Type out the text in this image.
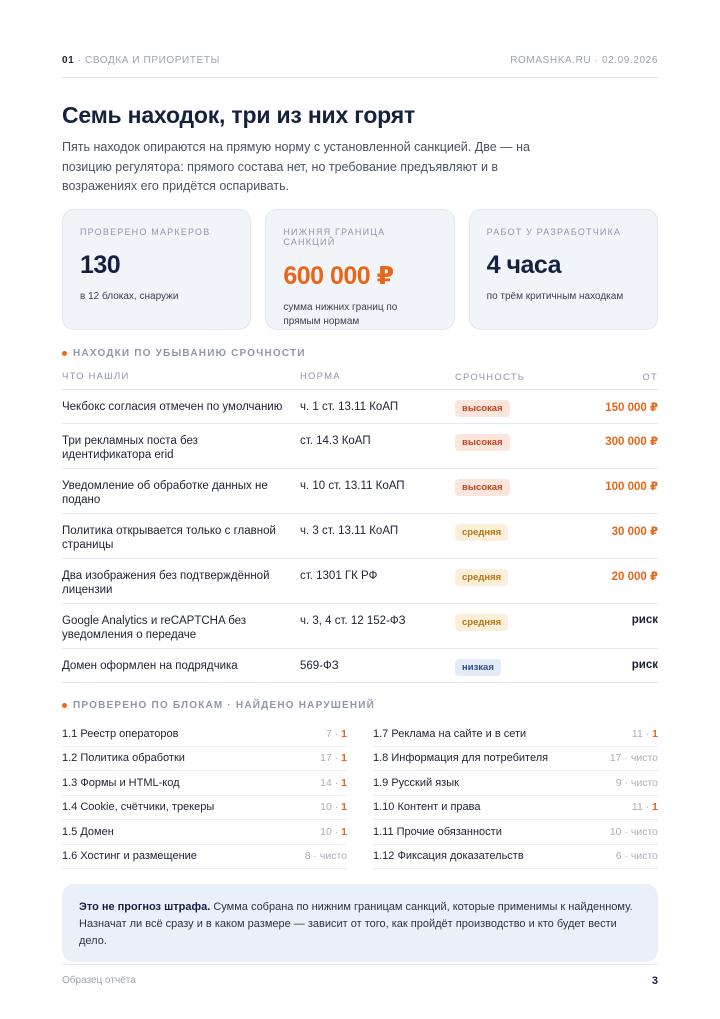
01 · СВОДКА И ПРИОРИТЕТЫ	ROMASHKA.RU · 02.09.2026
Семь находок, три из них горят

Пять находок опираются на прямую норму с установленной санкцией. Две — на позицию регулятора: прямого состава нет, но требование предъявляют и в возражениях его придётся оспаривать.

ПРОВЕРЕНО МАРКЕРОВ
130
в 12 блоках, снаружи
НИЖНЯЯ ГРАНИЦА САНКЦИЙ
600 000 ₽
сумма нижних границ по прямым нормам
РАБОТ У РАЗРАБОТЧИКА
4 часа
по трём критичным находкам
НАХОДКИ ПО УБЫВАНИЮ СРОЧНОСТИ
ЧТО НАШЛИ	НОРМА	СРОЧНОСТЬ	ОТ
Чекбокс согласия отмечен по умолчанию	ч. 1 ст. 13.11 КоАП	высокая	150 000 ₽
Три рекламных поста без идентификатора erid
ст. 14.3 КоАП	высокая	300 000 ₽
Уведомление об обработке данных не подано
ч. 10 ст. 13.11 КоАП	высокая	100 000 ₽
Политика открывается только с главной страницы
ч. 3 ст. 13.11 КоАП	средняя	30 000 ₽
Два изображения без подтверждённой лицензии
ст. 1301 ГК РФ	средняя	20 000 ₽
Google Analytics и reCAPTCHA без уведомления о передаче
ч. 3, 4 ст. 12 152-ФЗ	средняя	риск
Домен оформлен на подрядчика	569-ФЗ	низкая	риск
ПРОВЕРЕНО ПО БЛОКАМ · НАЙДЕНО НАРУШЕНИЙ
1.1 Реестр операторов	7 · 1
1.2 Политика обработки	17 · 1
1.3 Формы и HTML-код	14 · 1
1.4 Cookie, счётчики, трекеры	10 · 1
1.5 Домен	10 · 1
1.6 Хостинг и размещение	8 · чисто
1.7 Реклама на сайте и в сети	11 · 1
1.8 Информация для потребителя	17 · чисто
1.9 Русский язык	9 · чисто
1.10 Контент и права	11 · 1
1.11 Прочие обязанности	10 · чисто
1.12 Фиксация доказательств	6 · чисто
Это не прогноз штрафа. Сумма собрана по нижним границам санкций, которые применимы к найденному. Назначат ли всё сразу и в каком размере — зависит от того, как пройдёт производство и кто будет вести дело.
Образец отчёта	3
